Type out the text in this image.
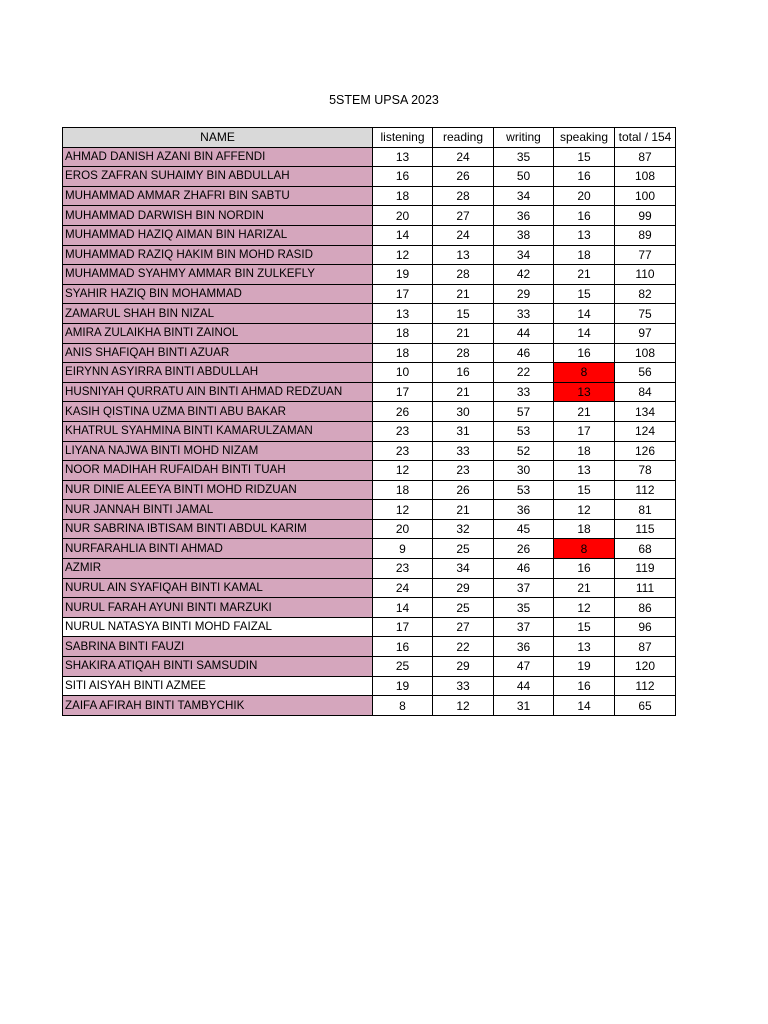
5STEM UPSA 2023
NAME	listening	reading	writing	speaking	total / 154
AHMAD DANISH AZANI BIN AFFENDI	13	24	35	15	87
EROS ZAFRAN SUHAIMY BIN ABDULLAH	16	26	50	16	108
MUHAMMAD AMMAR ZHAFRI BIN SABTU	18	28	34	20	100
MUHAMMAD DARWISH BIN NORDIN	20	27	36	16	99
MUHAMMAD HAZIQ AIMAN BIN HARIZAL	14	24	38	13	89
MUHAMMAD RAZIQ HAKIM BIN MOHD RASID	12	13	34	18	77
MUHAMMAD SYAHMY AMMAR BIN ZULKEFLY	19	28	42	21	110
SYAHIR HAZIQ BIN MOHAMMAD	17	21	29	15	82
ZAMARUL SHAH BIN NIZAL	13	15	33	14	75
AMIRA ZULAIKHA BINTI ZAINOL	18	21	44	14	97
ANIS SHAFIQAH BINTI AZUAR	18	28	46	16	108
EIRYNN ASYIRRA BINTI ABDULLAH	10	16	22	8	56
HUSNIYAH QURRATU AIN BINTI AHMAD REDZUAN	17	21	33	13	84
KASIH QISTINA UZMA BINTI ABU BAKAR	26	30	57	21	134
KHATRUL SYAHMINA BINTI KAMARULZAMAN	23	31	53	17	124
LIYANA NAJWA BINTI MOHD NIZAM	23	33	52	18	126
NOOR MADIHAH RUFAIDAH BINTI TUAH	12	23	30	13	78
NUR DINIE ALEEYA BINTI MOHD RIDZUAN	18	26	53	15	112
NUR JANNAH BINTI JAMAL	12	21	36	12	81
NUR SABRINA IBTISAM BINTI ABDUL KARIM	20	32	45	18	115
NURFARAHLIA BINTI AHMAD	9	25	26	8	68
AZMIR	23	34	46	16	119
NURUL AIN SYAFIQAH BINTI KAMAL	24	29	37	21	111
NURUL FARAH AYUNI BINTI MARZUKI	14	25	35	12	86
NURUL NATASYA BINTI MOHD FAIZAL	17	27	37	15	96
SABRINA BINTI FAUZI	16	22	36	13	87
SHAKIRA ATIQAH BINTI SAMSUDIN	25	29	47	19	120
SITI AISYAH BINTI AZMEE	19	33	44	16	112
ZAIFA AFIRAH BINTI TAMBYCHIK	8	12	31	14	65
